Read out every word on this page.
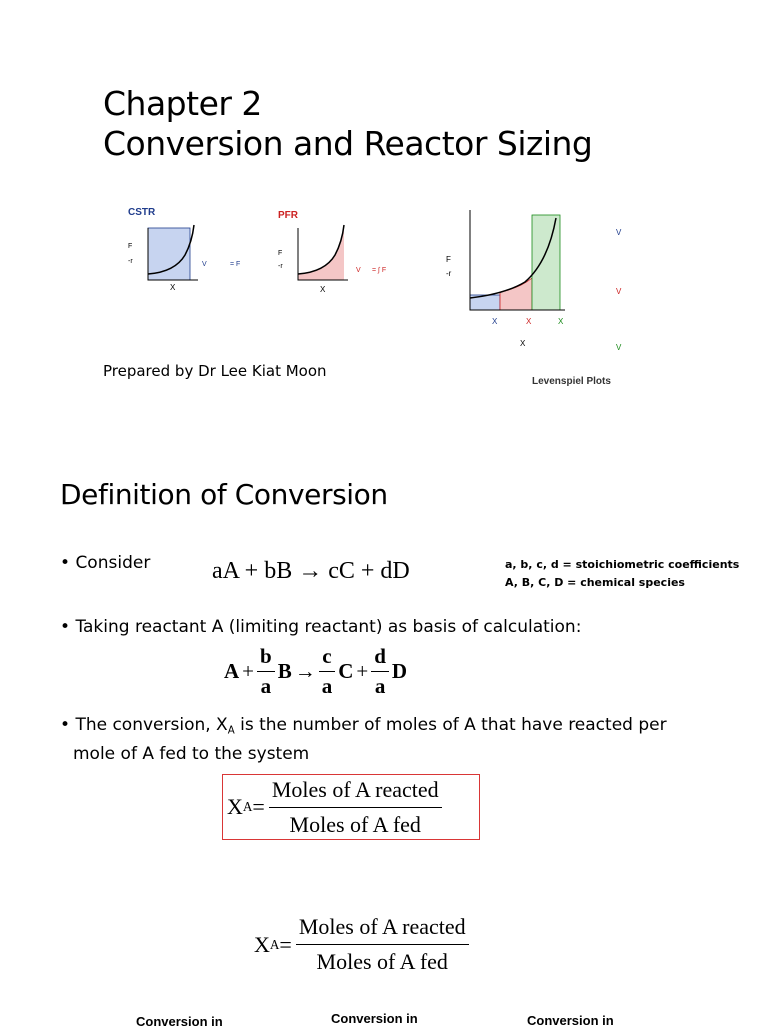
Chapter 2
Conversion and Reactor Sizing
CSTR
F
-r
X
V	= F
PFR
F
-r
X
V = ∫ F
F
-r
X	X	X
X
V
V
V
Levenspiel Plots
Prepared by Dr Lee Kiat Moon
Definition of Conversion
• Consider	aA + bB → cC + dD	a, b, c, d = stoichiometric coefficients
A, B, C, D = chemical species
• Taking reactant A (limiting reactant) as basis of calculation:
$A + \frac{b}{a}$ $B \to \frac{c}{a}$ $C + \frac{d}{a}$ D
• The conversion, $X_A$ is the number of moles of A that have reacted per
mole of A fed to the system
X $A = \frac{\text{Moles of A reacted}}{\text{Moles of A fed}}$
X $A = \frac{\text{Moles of A reacted}}{\text{Moles of A fed}}$
Conversion in	Conversion in	Conversion in
